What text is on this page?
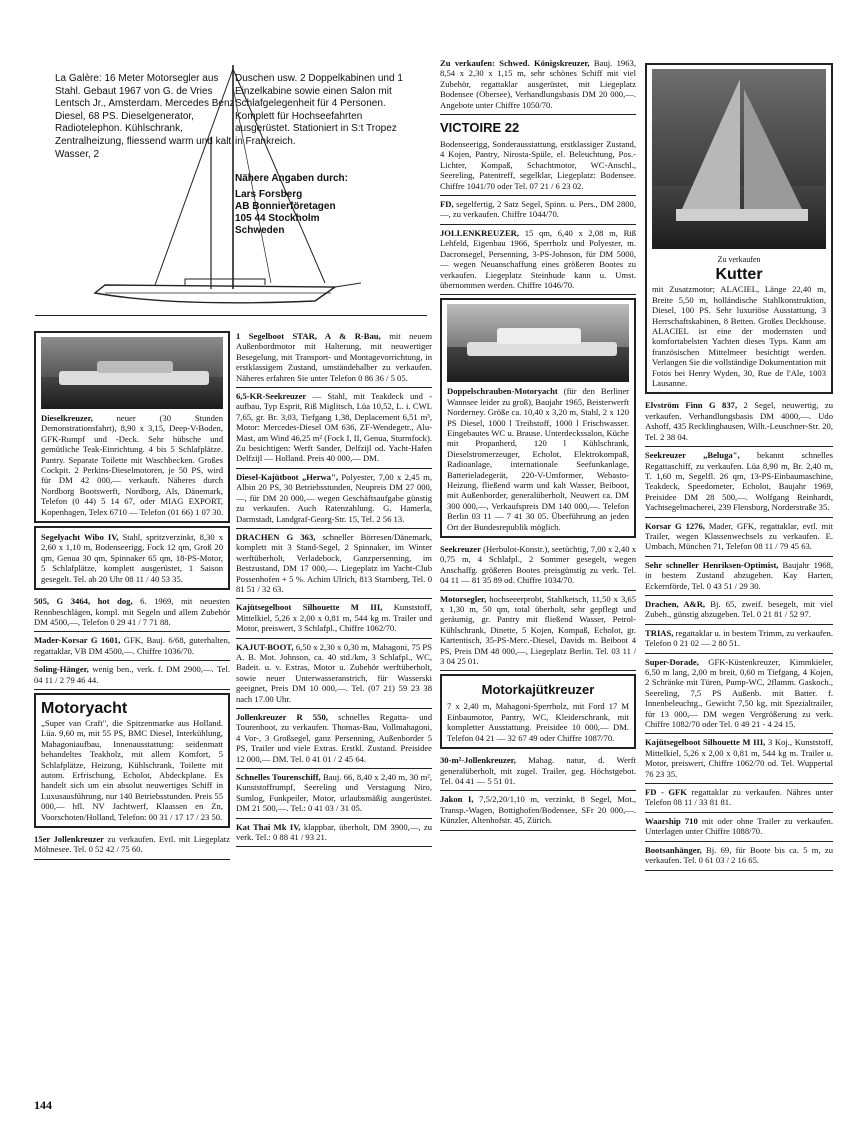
La Galère: 16 Meter Motorsegler aus Stahl. Gebaut 1967 von G. de Vries Lentsch Jr., Amsterdam. Mercedes Benz Diesel, 68 PS. Dieselgenerator, Radiotelephon. Kühlschrank, Zentralheizung, fliessend warm und kalt Wasser, 2
Duschen usw. 2 Doppelkabinen und 1 Einzelkabine sowie einen Salon mit Schlafgelegenheit für 4 Personen. Komplett für Hochseefahrten ausgerüstet. Stationiert in S:t Tropez in Frankreich.
Nähere Angaben durch:
Lars Forsberg
AB Bonnierföretagen
105 44 Stockholm
Schweden
Dieselkreuzer,	neuer (30 Stunden Demonstrationsfahrt), 8,90 x 3,15, Deep-V-Boden, GFK-Rumpf und -Deck. Sehr hübsche und gemütliche Teak-Einrichtung. 4 bis 5 Schlafplätze. Pantry. Separate Toilette mit Waschbecken. Großes Cockpit. 2 Perkins-Dieselmotoren, je 50 PS, wird für DM 42 000,— verkauft. Näheres durch Nordborg Bootswerft, Nordborg, Als, Dänemark, Telefon (0 44) 5 14 67, oder MIAG EXPORT, Kopenhagen, Telex 6710 — Telefon (01 66) 1 07 30.
Segelyacht Wibo IV, Stahl, spritzverzinkt, 8,30 x 2,60 x 1,10 m, Bodenseerigg, Fock 12 qm, Groß 20 qm, Genua 30 qm, Spinnaker 65 qm, 18-PS-Motor, 5 Schlafplätze, komplett ausgerüstet, 1 Saison gesegelt. Tel. ab 20 Uhr 08 11 / 40 53 35.
505, G 3464, hot dog, 6. 1969, mit neuesten Rennbeschlägen, kompl. mit Segeln und allem Zubehör DM 4500,—, Telefon 0 29 41 / 7 71 88.
Mader-Korsar G 1601, GFK, Bauj. 6/68, guterhalten, regattaklar, VB DM 4500,—. Chiffre 1036/70.
Soling-Hänger, wenig ben., verk. f. DM 2900,—. Tel. 04 11 / 2 79 46 44.
Motoryacht
„Super van Craft", die Spitzenmarke aus Holland. Lüa. 9,60 m, mit 55 PS, BMC Diesel, Interkühlung, Mahagoniaufbau, Innenausstattung: seidenmatt behandeltes Teakholz, mit allem Komfort, 5 Schlafplätze, Heizung, Kühlschrank, Toilette mit autom. Erfrischung, Echolot, Abdeckplane. Es handelt sich um ein absolut neuwertiges Schiff in Luxusausführung, nur 140 Betriebsstunden. Preis 55 000,— hfl. NV Jachtwerf, Klaassen en Zn, Voorschoten/Holland, Telefon: 00 31 / 17 17 / 23 50.
15er Jollenkreuzer zu verkaufen. Evtl. mit Liegeplatz Möhnesee. Tel. 0 52 42 / 75 60.
1 Segelboot STAR, A & R-Bau, mit neuem Außenbordmotor mit Halterung, mit neuwertiger Besegelung, mit Transport- und Montagevorrichtung, in erstklassigem Zustand, umständehalber zu verkaufen. Näheres erfahren Sie unter Telefon 0 86 36 / 5 05.
6,5-KR-Seekreuzer — Stahl, mit Teakdeck und -aufbau, Typ Esprit, Riß Miglitsch, Lüa 10,52, L. i. CWL 7,65, gr. Br. 3,03, Tiefgang 1,38, Deplacement 6,51 m³, Motor: Mercedes-Diesel OM 636, ZF-Wendegetr., Alu-Mast, am Wind 46,25 m² (Fock I, II, Genua, Sturmfock). Zu besichtigen: Werft Sander, Delfzijl od. Yacht-Hafen Delfzijl — Holland. Preis 40 000,— DM.
Diesel-Kajütboot „Herwa", Polyester, 7,00 x 2,45 m, Albin 20 PS, 30 Betriebsstunden, Neupreis DM 27 000,—, für DM 20 000,— wegen Geschäftsaufgabe günstig zu verkaufen. Auch Ratenzahlung. G. Hamerla, Darmstadt, Landgraf-Georg-Str. 15, Tel. 2 56 13.
DRACHEN G 363, schneller Börresen/Dänemark, komplett mit 3 Stand-Segel, 2 Spinnaker, im Winter werftüberholt, Verladebock, Ganzpersenning, im Bestzustand, DM 17 000,—. Liegeplatz im Yacht-Club Possenhofen + 5 %. Achim Ulrich, 813 Starnberg, Tel. 0 81 51 / 32 63.
Kajütsegelboot Silhouette M III, Kunststoff, Mittelkiel, 5,26 x 2,00 x 0,81 m, 544 kg m. Trailer und Motor, preiswert, 3 Schlafpl., Chiffre 1062/70.
KAJUT-BOOT, 6,50 x 2,30 x 0,30 m, Mahagoni, 75 PS A. B. Mot. Johnson, ca. 40 std./km, 3 Schlafpl., WC, Badeit. u. v. Extras, Motor u. Zubehör werftüberholt, sowie neuer Unterwasseranstrich, für Wasserski geeignet, Preis DM 10 000,—. Tel. (07 21) 59 23 38 nach 17.00 Uhr.
Jollenkreuzer R 550, schnelles Regatta- und Tourenboot, zu verkaufen. Thomas-Bau, Vollmahagoni, 4 Vor-, 3 Großsegel, ganz Persenning, Außenborder 5 PS, Trailer und viele Extras. Erstkl. Zustand. Preisidee 12 000,— DM. Tel. 0 41 01 / 2 45 64.
Schnelles Tourenschiff, Bauj. 66, 8,40 x 2,40 m, 30 m², Kunststoffrumpf, Seereling und Verstagung Niro, Sumlog, Funkpeiler, Motor, urlaubsmäßig ausgerüstet. DM 21 500,—. Tel.: 0 41 03 / 31 05.
Kat Thai Mk IV, klappbar, überholt, DM 3900,—, zu verk. Tel.: 0 88 41 / 93 21.
Zu verkaufen: Schwed. Königskreuzer, Bauj. 1963, 8,54 x 2,30 x 1,15 m, sehr schönes Schiff mit viel Zubehör, regattaklar ausgerüstet, mit Liegeplatz Bodensee (Obersee), Verhandlungsbasis DM 20 000,—. Angebote unter Chiffre 1050/70.
VICTOIRE 22
Bodenseerigg, Sonderausstattung, erstklassiger Zustand, 4 Kojen, Pantry, Nirosta-Spüle, el. Beleuchtung, Pos.-Lichter, Kompaß, Schachtmotor, WC-Anschl., Seereling, Patentreff, segelklar, Liegeplatz: Bodensee. Chiffre 1041/70 oder Tel. 07 21 / 6 23 02.
FD, segelfertig, 2 Satz Segel, Spinn. u. Pers., DM 2800,—, zu verkaufen. Chiffre 1044/70.
JOLLENKREUZER, 15 qm, 6,40 x 2,08 m, Riß Lehfeld, Eigenbau 1966, Sperrholz und Polyester, m. Dacronsegel, Persenning, 3-PS-Johnson, für DM 5000,— wegen Neuanschaffung eines größeren Bootes zu verkaufen. Liegeplatz Steinhude kann u. Umst. übernommen werden. Chiffre 1046/70.
Doppelschrauben-Motoryacht (für den Berliner Wannsee leider zu groß), Baujahr 1965, Beisterwerft Norderney. Größe ca. 10,40 x 3,20 m, Stahl, 2 x 120 PS Diesel, 1000 l Treibstoff, 1000 l Frischwasser. Eingebautes WC u. Brause. Unterdeckssalon, Küche mit Propanherd, 120 l Kühlschrank, Dieselstromerzeuger, Echolot, Elektrokompaß, Radioanlage, internationale Seefunkanlage, Batterieladegerät, 220-V-Umformer, Webasto-Heizung, fließend warm und kalt Wasser, Beiboot, mit Außenborder, generalüberholt, Neuwert ca. DM 300 000,—, Verkaufspreis DM 140 000,—. Telefon Berlin 03 11 — 7 41 30 05. Überführung an jeden Ort der Bundesrepublik möglich.
Seekreuzer (Herbulot-Konstr.), seetüchtig, 7,00 x 2,40 x 0,75 m, 4 Schlafpl., 2 Sommer gesegelt, wegen Anschaffg. größeren Bootes preisgünstig zu verk. Tel. 04 11 — 81 35 89 od. Chiffre 1034/70.
Motorsegler, hochseeerprobt, Stahlketsch, 11,50 x 3,65 x 1,30 m, 50 qm, total überholt, sehr gepflegt und geräumig, gr. Pantry mit fließend Wasser, Petrol-Kühlschrank, Dinette, 5 Kojen, Kompaß, Echolot, gr. Kartentisch, 35-PS-Merc.-Diesel, Davids m. Beiboot 4 PS, Preis DM 48 000,—, Liegeplatz Berlin. Tel. 03 11 / 3 04 25 01.
Motorkajütkreuzer
7 x 2,40 m, Mahagoni-Sperrholz, mit Ford 17 M Einbaumotor, Pantry, WC, Kleiderschrank, mit kompletter Ausstattung. Preisidee 10 000,— DM. Telefon 04 21 — 32 67 49 oder Chiffre 1087/70.
30-m²-Jollenkreuzer, Mahag. natur, d. Werft generalüberholt, mit zugel. Trailer, geg. Höchstgebot. Tel. 04 41 — 5 51 01.
Jakon I, 7,5/2,20/1,10 m, verzinkt, 8 Segel, Mot., Transp.-Wagen, Bottighofen/Bodensee, SFr 20 000,—. Künzler, Altenhofstr. 45, Zürich.
Zu verkaufen
Kutter
mit Zusatzmotor; ALACIEL, Länge 22,40 m, Breite 5,50 m, holländische Stahlkonstruktion, Diesel, 100 PS. Sehr luxuriöse Ausstattung, 3 Herrschaftskabinen, 8 Betten. Großes Deckhouse. ALACIEL ist eine der modernsten und komfortabelsten Yachten dieses Typs. Kann am französischen Mittelmeer besichtigt werden. Verlangen Sie die vollständige Dokumentation mit Fotos bei Henry Wyden, 30, Rue de l'Ale, 1003 Lausanne.
Elvström Finn G 837, 2 Segel, neuwertig, zu verkaufen. Verhandlungsbasis DM 4000,—. Udo Ashoff, 435 Recklinghausen, Wilh.-Leuschner-Str. 20, Tel. 2 38 04.
Seekreuzer „Beluga", bekannt schnelles Regattaschiff, zu verkaufen. Lüa 8,90 m, Br. 2,40 m, T. 1,60 m, Segelfl. 26 qm, 13-PS-Einbaumaschine, Teakdeck, Speedometer, Echolot, Baujahr 1969, Preisidee DM 28 500,—. Wolfgang Reinhardt, Yachtsegelmacherei, 239 Flensburg, Norderstraße 35.
Korsar G 1276, Mader, GFK, regattaklar, evtl. mit Trailer, wegen Klassenwechsels zu verkaufen. E. Umbach, München 71, Telefon 08 11 / 79 45 63.
Sehr schneller Henriksen-Optimist, Baujahr 1968, in bestem Zustand abzugeben. Kay Harten, Eckernförde, Tel. 0 43 51 / 29 30.
Drachen, A&R, Bj. 65, zweif. besegelt, mit viel Zubeh., günstig abzugeben. Tel. 0 21 81 / 52 97.
TRIAS, regattaklar u. in bestem Trimm, zu verkaufen. Telefon 0 21 02 — 2 80 51.
Super-Dorade, GFK-Küstenkreuzer, Kimmkieler, 6,50 m lang, 2,00 m breit, 0,60 m Tiefgang, 4 Kojen, 2 Schränke mit Türen, Pump-WC, 2flamm. Gaskoch., Seereling, 7,5 PS Außenb. mit Batter. f. Innenbeleuchtg., Gewicht 7,50 kg, mit Spezialtrailer, für 13 000,— DM wegen Vergrößerung zu verk. Chiffre 1082/70 oder Tel. 0 49 21 - 4 24 15.
Kajütsegelboot Silhouette M III, 3 Koj., Kunststoff, Mittelkiel, 5,26 x 2,00 x 0,81 m, 544 kg m. Trailer u. Motor, preiswert, Chiffre 1062/70 od. Tel. Wuppertal 76 23 35.
FD - GFK regattaklar zu verkaufen. Nähres unter Telefon 08 11 / 33 81 81.
Waarship 710 mit oder ohne Trailer zu verkaufen. Unterlagen unter Chiffre 1088/70.
Bootsanhänger, Bj. 69, für Boote bis ca. 5 m, zu verkaufen. Tel. 0 61 03 / 2 16 65.
144
